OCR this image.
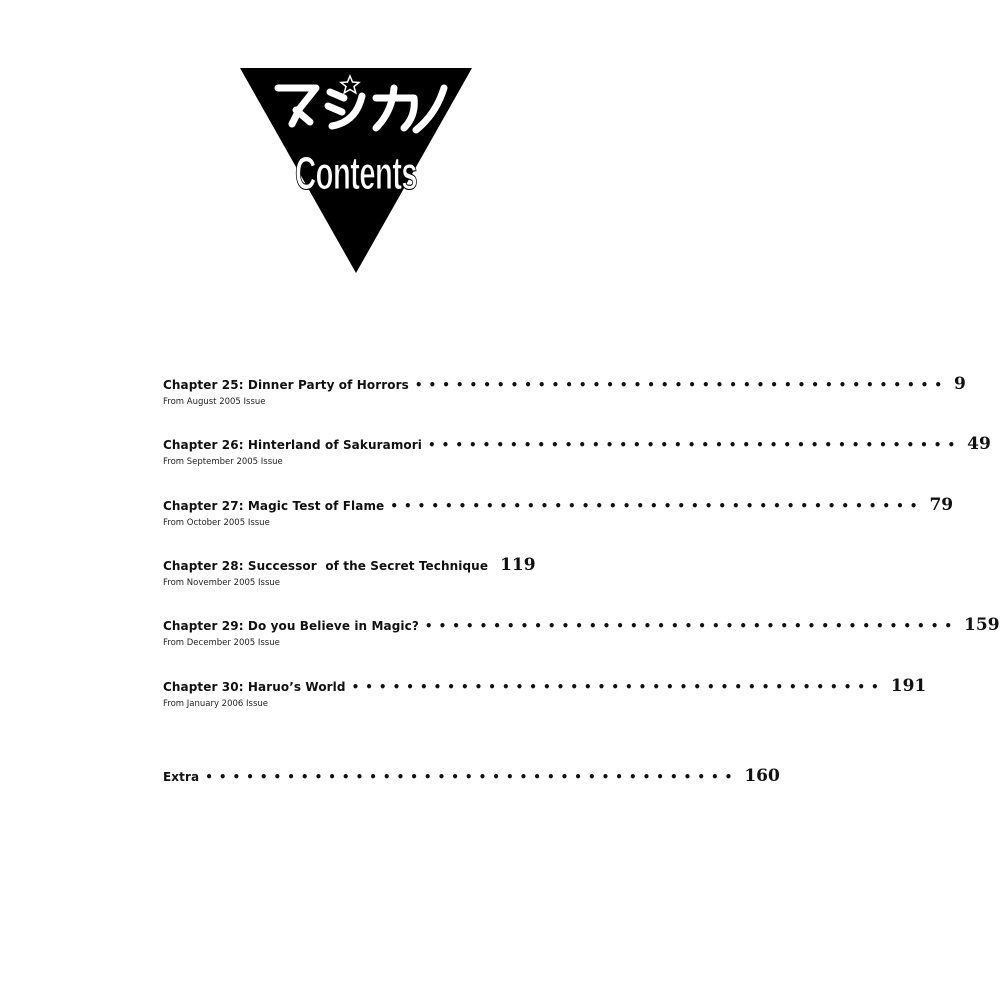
Contents
Chapter 25: Dinner Party of Horrors ••••••••••••••••••••••••••••••••••••••• 9
From August 2005 Issue
Chapter 26: Hinterland of Sakuramori ••••••••••••••••••••••••••••••••••••••• 49
From September 2005 Issue
Chapter 27: Magic Test of Flame ••••••••••••••••••••••••••••••••••••••• 79
From October 2005 Issue
Chapter 28: Successor  of the Secret Technique 119
From November 2005 Issue
Chapter 29: Do you Believe in Magic? ••••••••••••••••••••••••••••••••••••••• 159
From December 2005 Issue
Chapter 30: Haruo’s World ••••••••••••••••••••••••••••••••••••••• 191
From January 2006 Issue
Extra ••••••••••••••••••••••••••••••••••••••• 160
